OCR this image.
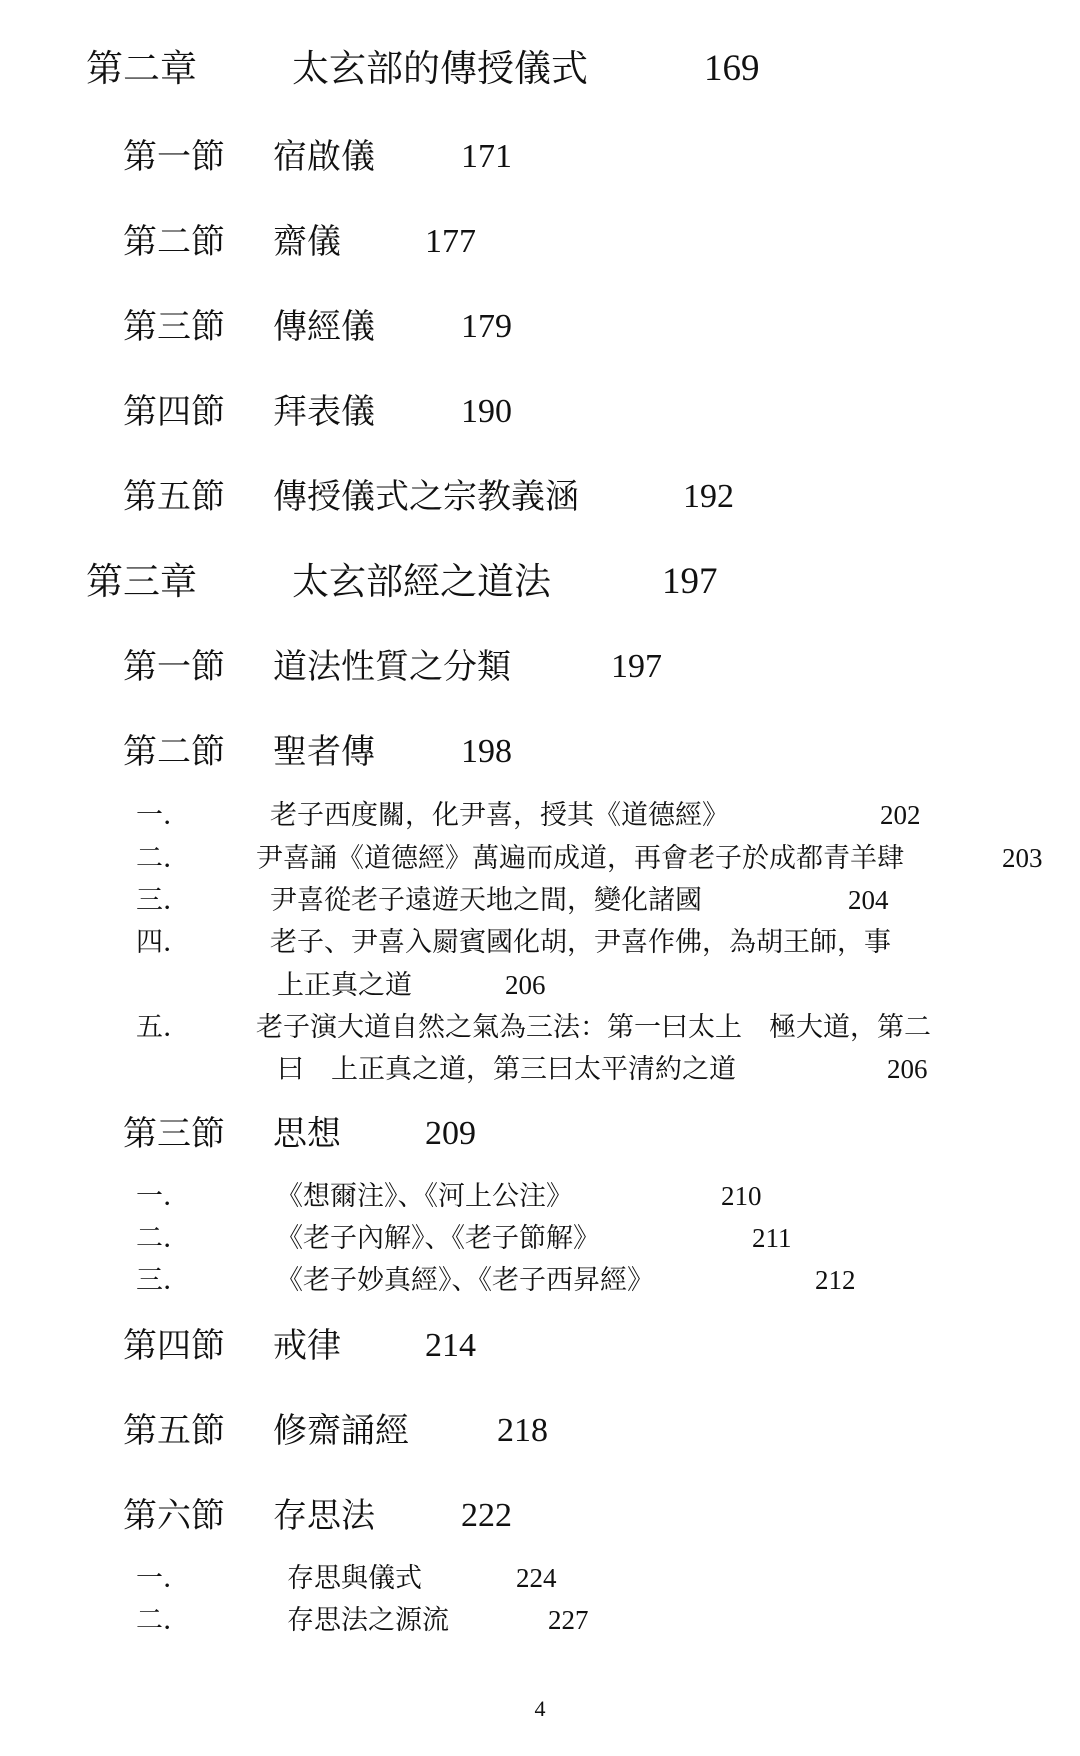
第二章	太玄部的傳授儀式	169
第一節 宿啟儀	171
第二節 齋儀 177
第三節 傳經儀	179
第四節 拜表儀	190
第五節 傳授儀式之宗教義涵	192
第三章	太玄部經之道法	197
第一節 道法性質之分類	197
第二節 聖者傳	198
一．	老子西度關，化尹喜，授其《道德經》	202
二． 尹喜誦《道德經》萬遍而成道，再會老子於成都青羊肆	203
三．	尹喜從老子遠遊天地之間，變化諸國	204
四．	老子、尹喜入罽賓國化胡，尹喜作佛，為胡王師，事
上正真之道	206
五． 老子演大道自然之氣為三法：第一曰太上　極大道，第二
曰　上正真之道，第三曰太平清約之道	206
第三節 思想 209
一．	《想爾注》、《河上公注》	210
二．	《老子內解》、《老子節解》	211
三．	《老子妙真經》、《老子西昇經》	212
第四節 戒律 214
第五節 修齋誦經	218
第六節 存思法	222
一．	存思與儀式	224
二．	存思法之源流	227
4
